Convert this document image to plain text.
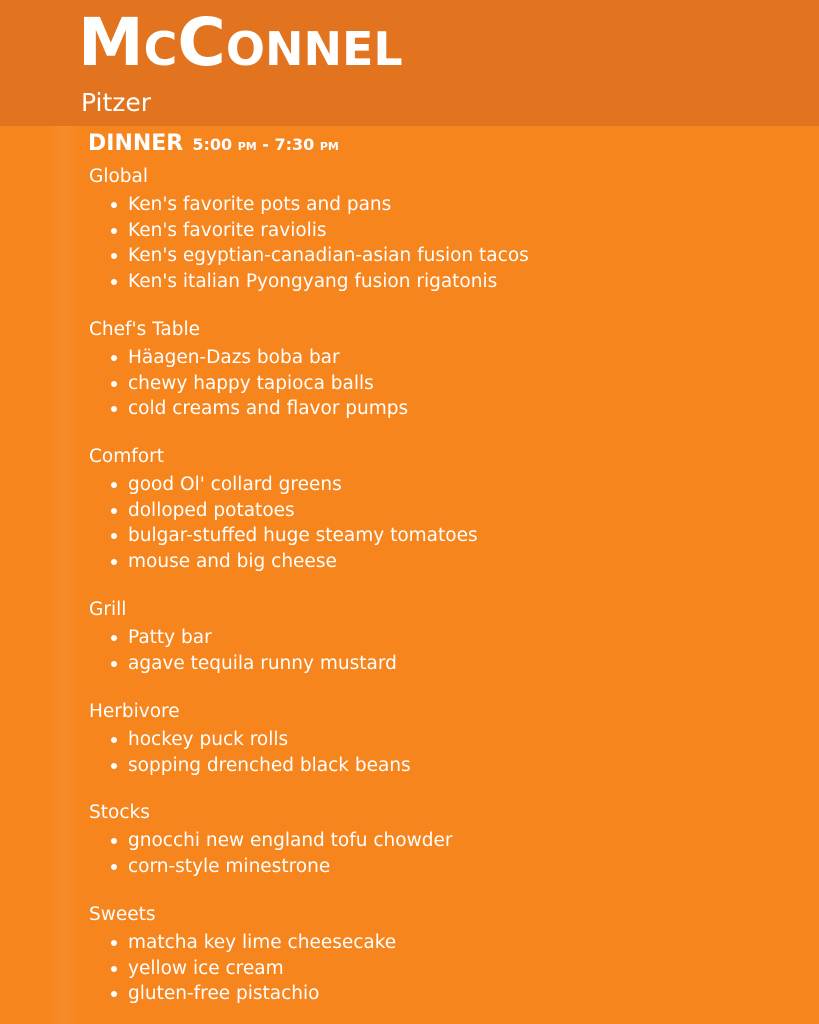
McConnel
Pitzer
DINNER 5:00 pm - 7:30 pm
Global
Ken's favorite pots and pans
Ken's favorite raviolis
Ken's egyptian-canadian-asian fusion tacos
Ken's italian Pyongyang fusion rigatonis
Chef's Table
Häagen-Dazs boba bar
chewy happy tapioca balls
cold creams and flavor pumps
Comfort
good Ol' collard greens
dolloped potatoes
bulgar-stuffed huge steamy tomatoes
mouse and big cheese
Grill
Patty bar
agave tequila runny mustard
Herbivore
hockey puck rolls
sopping drenched black beans
Stocks
gnocchi new england tofu chowder
corn-style minestrone
Sweets
matcha key lime cheesecake
yellow ice cream
gluten-free pistachio
